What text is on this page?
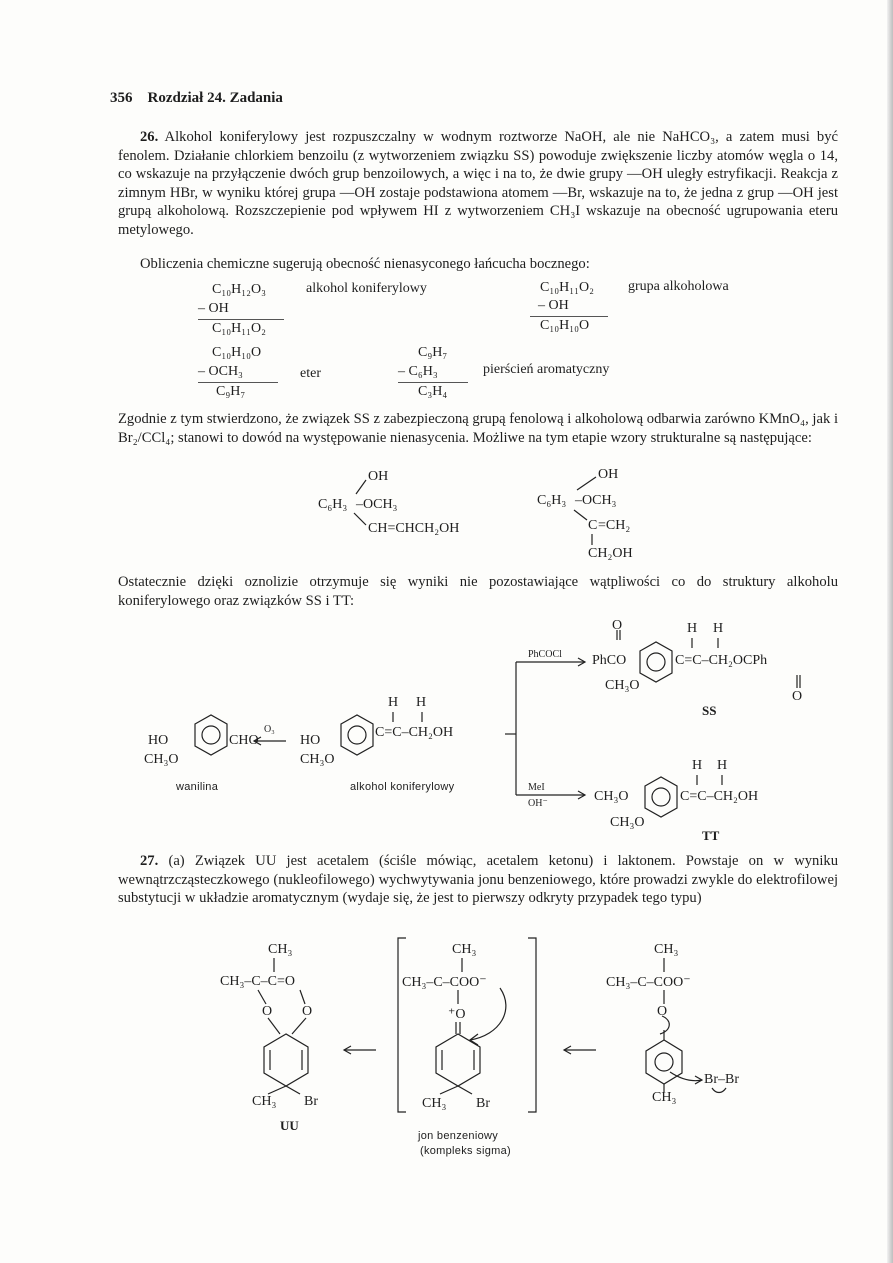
356 Rozdział 24. Zadania
26. Alkohol koniferylowy jest rozpuszczalny w wodnym roztworze NaOH, ale nie NaHCO₃, a zatem musi być fenolem. Działanie chlorkiem benzoilu (z wytworzeniem związku SS) powoduje zwiększenie liczby atomów węgla o 14, co wskazuje na przyłączenie dwóch grup benzoilowych, a więc i na to, że dwie grupy —OH uległy estryfikacji. Reakcja z zimnym HBr, w wyniku której grupa —OH zostaje podstawiona atomem —Br, wskazuje na to, że jedna z grup —OH jest grupą alkoholową. Rozszczepienie pod wpływem HI z wytworzeniem CH₃I wskazuje na obecność ugrupowania eteru metylowego.
Obliczenia chemiczne sugerują obecność nienasyconego łańcucha bocznego:
C₁₀H₁₂O₃	alkohol koniferylowy
– OH
C₁₀H₁₁O₂
C₁₀H₁₁O₂ grupa alkoholowa
– OH
C₁₀H₁₀O
C₁₀H₁₀O
– OCH₃	eter
C₉H₇
C₉H₇
– C₆H₃	pierścień aromatyczny
C₃H₄
Zgodnie z tym stwierdzono, że związek SS z zabezpieczoną grupą fenolową i alkoholową odbarwia zarówno KMnO₄, jak i Br₂/CCl₄; stanowi to dowód na występowanie nienasycenia. Możliwe na tym etapie wzory strukturalne są następujące:
OH
C₆H₃ –OCH₃
CH=CHCH₂OH
OH
C₆H₃ –OCH₃
C =CH₂
CH₂OH
Ostatecznie dzięki oznolizie otrzymuje się wyniki nie pozostawiające wątpliwości co do struktury alkoholu koniferylowego oraz związków SS i TT:
HO	CHO
CH₃O
wanilina
O₃
HO
CH₃O
H H
C=C–CH₂OH
alkohol koniferylowy
PhCOCl
O
PhCO
CH₃O
H H
C=C–CH₂OCPh
O
SS
MeI
OH⁻	CH₃O
CH₃O
H H
C=C–CH₂OH
TT
27. (a) Związek UU jest acetalem (ściśle mówiąc, acetalem ketonu) i laktonem. Powstaje on w wyniku wewnątrzcząsteczkowego (nukleofilowego) wychwytywania jonu benzeniowego, które prowadzi zwykle do elektrofilowej substytucji w układzie aromatycznym (wydaje się, że jest to pierwszy odkryty przypadek tego typu)
CH₃
CH₃–C–C=O
O O
CH₃ Br
UU
CH₃
CH₃–C–COO⁻
⁺O
CH₃ Br
jon benzeniowy
(kompleks sigma)
CH₃
CH₃–C–COO⁻
O
CH₃
Br–Br
